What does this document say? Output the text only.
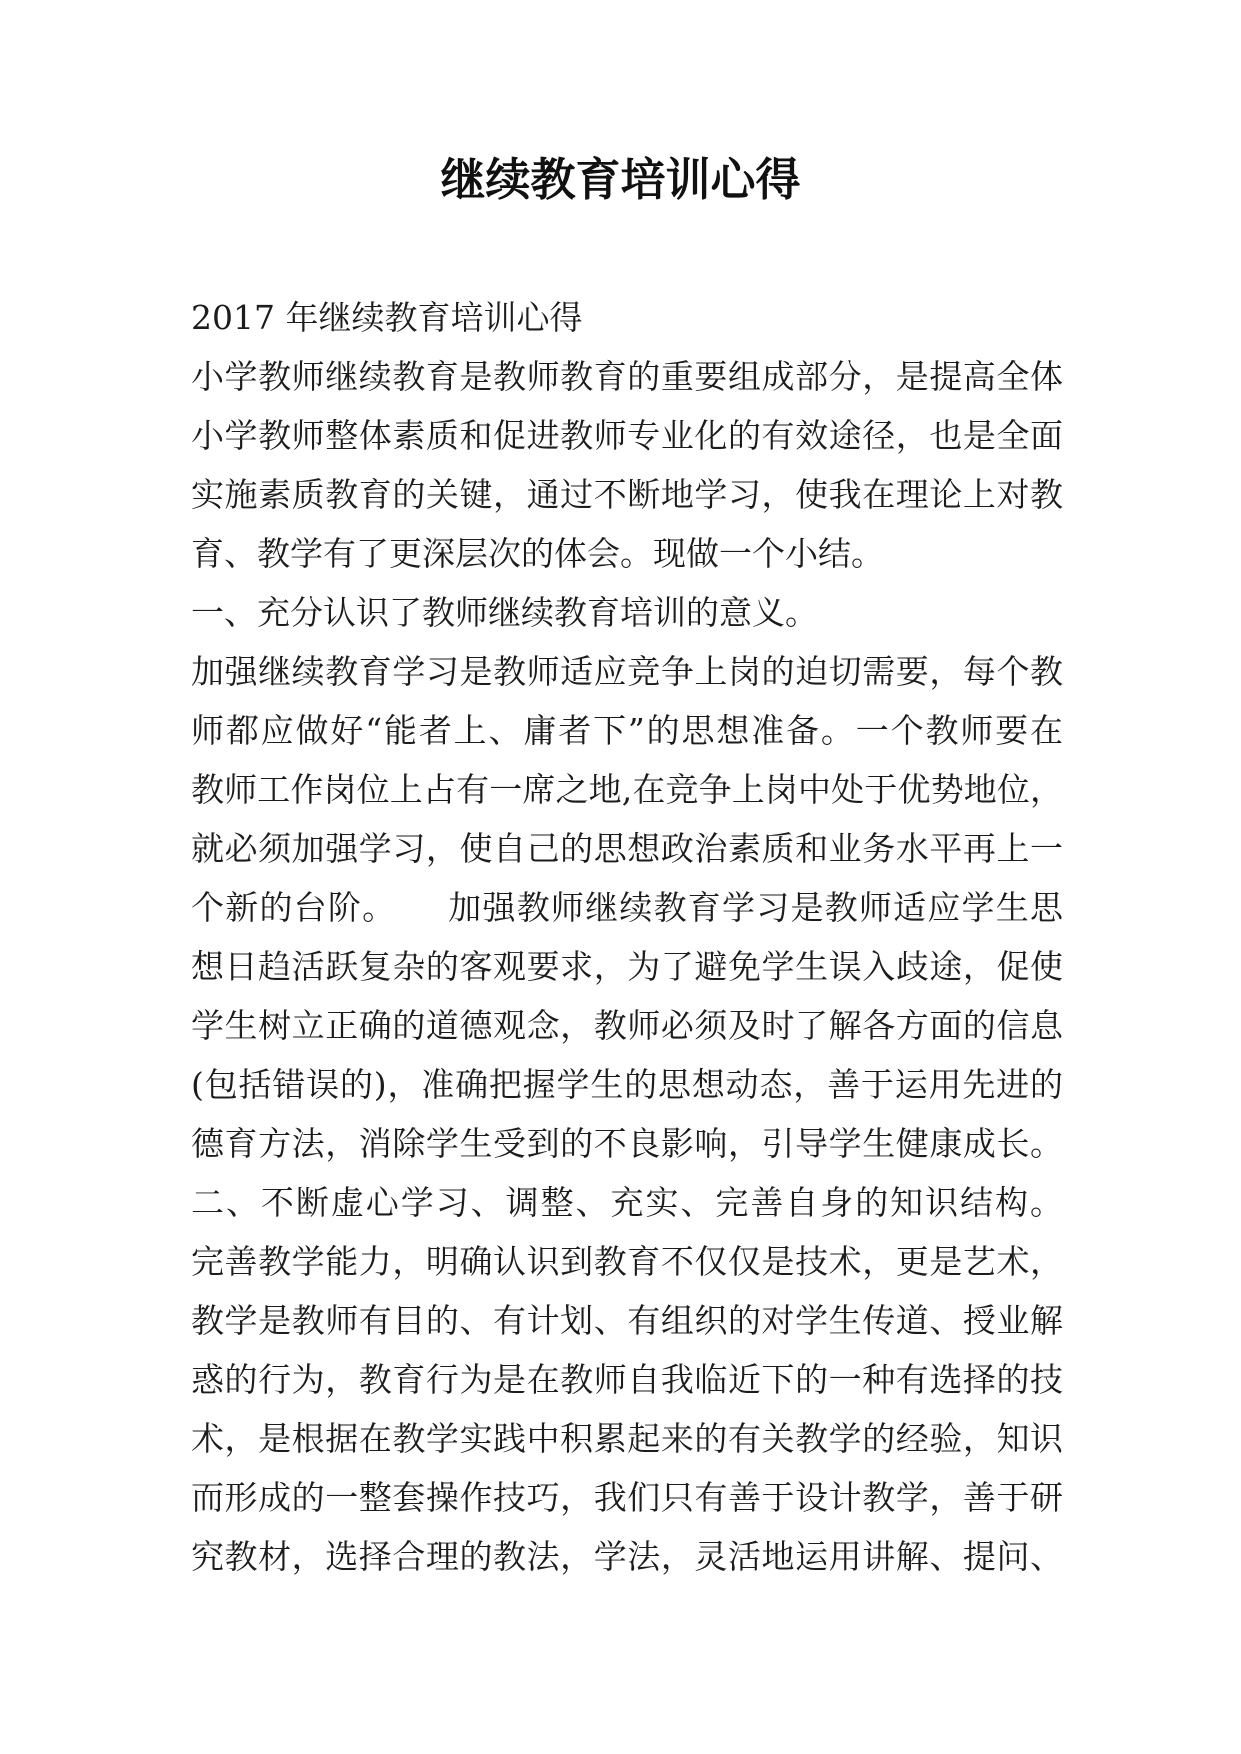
继续教育培训心得
2017 年继续教育培训心得
小学教师继续教育是教师教育的重要组成部分，是提高全体
小学教师整体素质和促进教师专业化的有效途径，也是全面
实施素质教育的关键，通过不断地学习，使我在理论上对教
育、教学有了更深层次的体会。现做一个小结。
一、充分认识了教师继续教育培训的意义。
加强继续教育学习是教师适应竞争上岗的迫切需要，每个教
师都应做好“能者上、庸者下”的思想准备。一个教师要在
教师工作岗位上占有一席之地,在竞争上岗中处于优势地位，
就必须加强学习，使自己的思想政治素质和业务水平再上一
个新的台阶。　　加强教师继续教育学习是教师适应学生思
想日趋活跃复杂的客观要求，为了避免学生误入歧途，促使
学生树立正确的道德观念，教师必须及时了解各方面的信息
(包括错误的)，准确把握学生的思想动态，善于运用先进的
德育方法，消除学生受到的不良影响，引导学生健康成长。
二、不断虚心学习、调整、充实、完善自身的知识结构。
完善教学能力，明确认识到教育不仅仅是技术，更是艺术，
教学是教师有目的、有计划、有组织的对学生传道、授业解
惑的行为，教育行为是在教师自我临近下的一种有选择的技
术，是根据在教学实践中积累起来的有关教学的经验，知识
而形成的一整套操作技巧，我们只有善于设计教学，善于研
究教材，选择合理的教法，学法，灵活地运用讲解、提问、
